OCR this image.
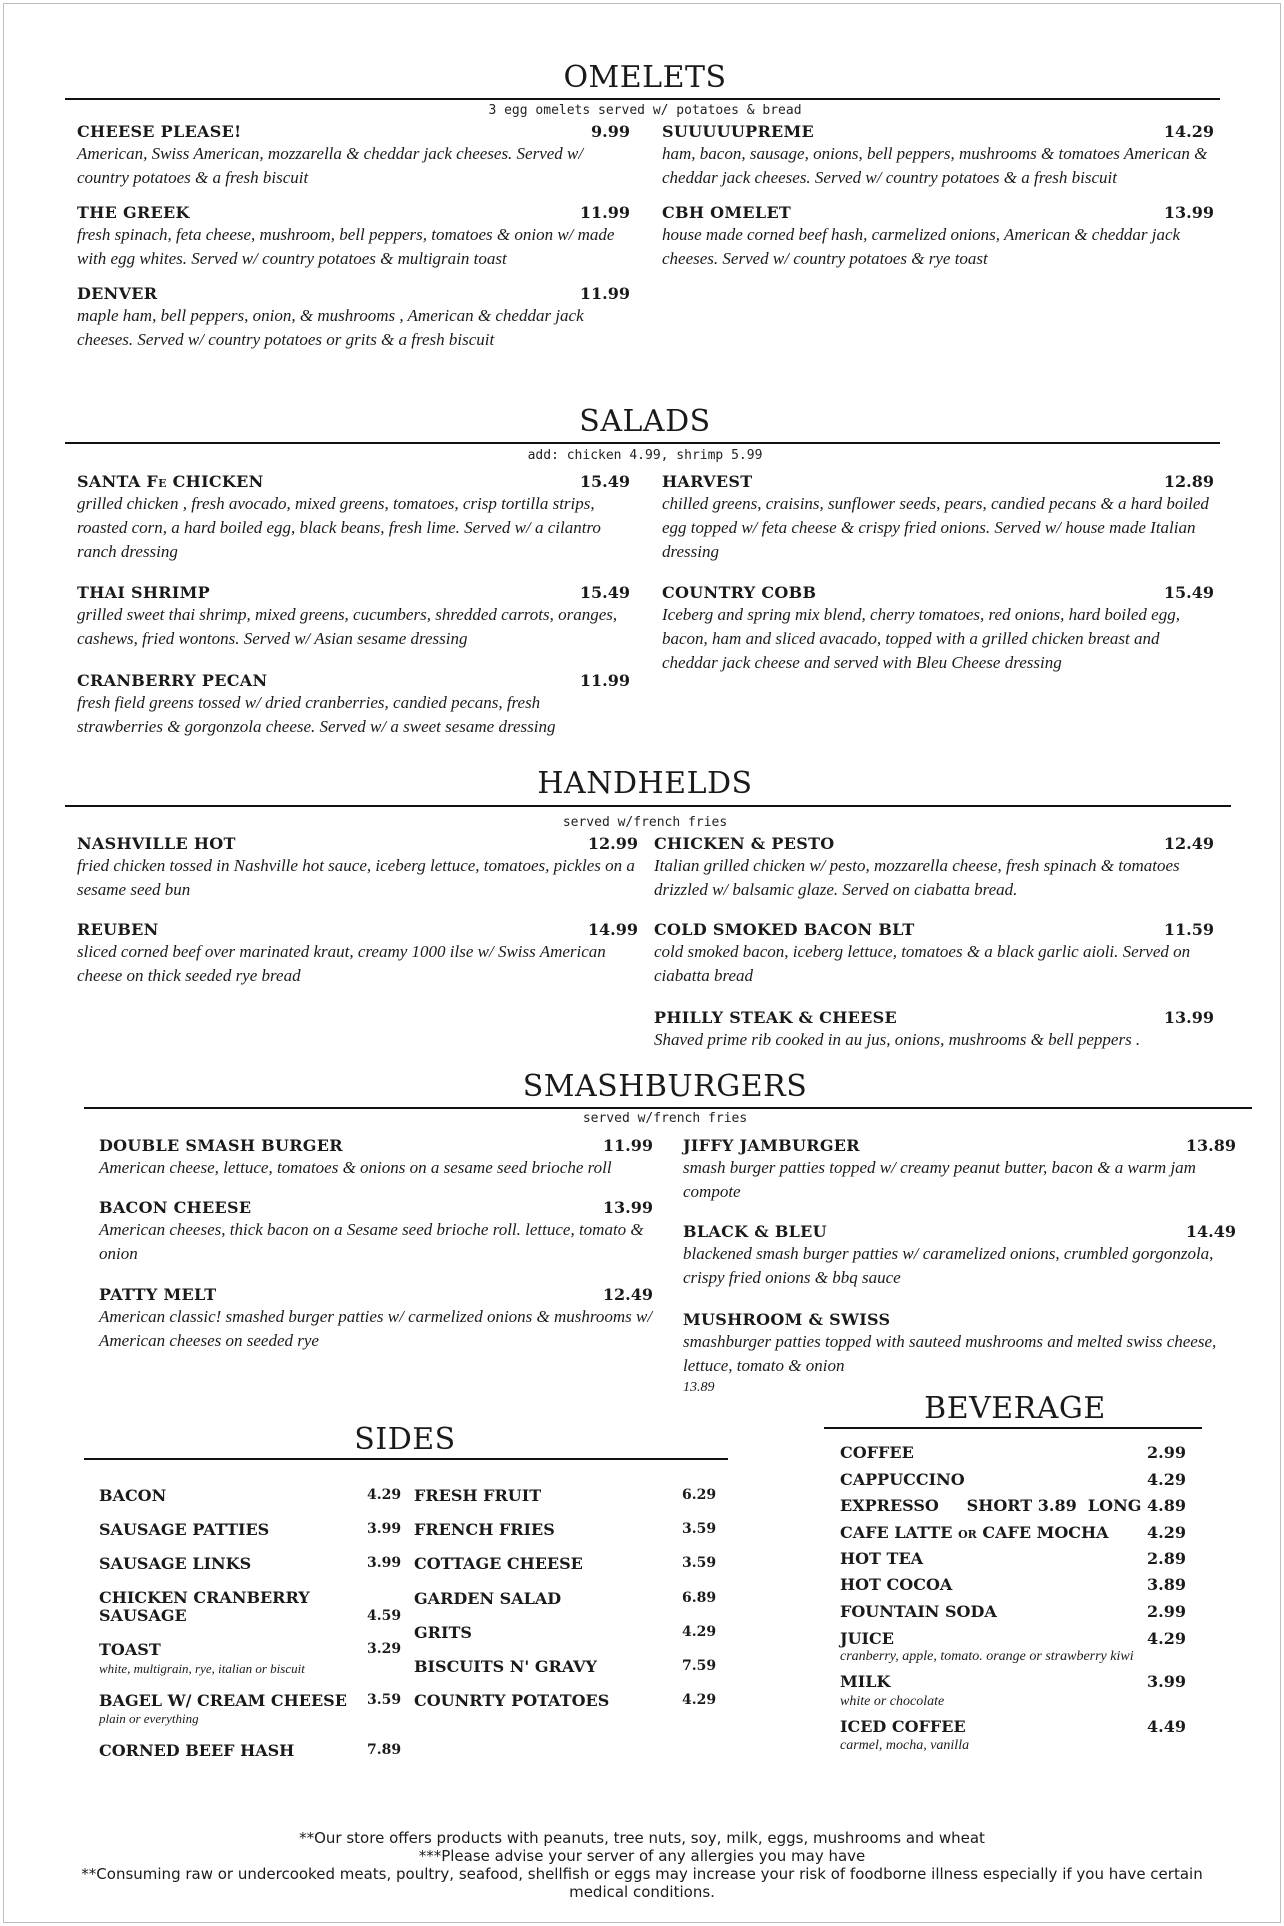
OMELETS
3 egg omelets served w/ potatoes & bread
CHEESE PLEASE!	9.99
American, Swiss American, mozzarella & cheddar jack cheeses. Served w/ country potatoes & a fresh biscuit
THE GREEK	11.99
fresh spinach, feta cheese, mushroom, bell peppers, tomatoes & onion w/ made with egg whites. Served w/ country potatoes & multigrain toast
DENVER	11.99
maple ham, bell peppers, onion, & mushrooms , American & cheddar jack cheeses. Served w/ country potatoes or grits & a fresh biscuit
SUUUUUPREME	14.29
ham, bacon, sausage, onions, bell peppers, mushrooms & tomatoes American & cheddar jack cheeses. Served w/ country potatoes & a fresh biscuit
CBH OMELET	13.99
house made corned beef hash, carmelized onions, American & cheddar jack cheeses. Served w/ country potatoes & rye toast
SALADS
add: chicken 4.99, shrimp 5.99
SANTA Fe CHICKEN	15.49
grilled chicken , fresh avocado, mixed greens, tomatoes, crisp tortilla strips, roasted corn, a hard boiled egg, black beans, fresh lime. Served w/ a cilantro ranch dressing
THAI SHRIMP	15.49
grilled sweet thai shrimp, mixed greens, cucumbers, shredded carrots, oranges, cashews, fried wontons. Served w/ Asian sesame dressing
CRANBERRY PECAN	11.99
fresh field greens tossed w/ dried cranberries, candied pecans, fresh strawberries & gorgonzola cheese. Served w/ a sweet sesame dressing
HARVEST	12.89
chilled greens, craisins, sunflower seeds, pears, candied pecans & a hard boiled egg topped w/ feta cheese & crispy fried onions. Served w/ house made Italian dressing
COUNTRY COBB	15.49
Iceberg and spring mix blend, cherry tomatoes, red onions, hard boiled egg, bacon, ham and sliced avacado, topped with a grilled chicken breast and cheddar jack cheese and served with Bleu Cheese dressing
HANDHELDS
served w/french fries
NASHVILLE HOT	12.99
fried chicken tossed in Nashville hot sauce, iceberg lettuce, tomatoes, pickles on a sesame seed bun
REUBEN	14.99
sliced corned beef over marinated kraut, creamy 1000 ilse w/ Swiss American cheese on thick seeded rye bread
CHICKEN & PESTO	12.49
Italian grilled chicken w/ pesto, mozzarella cheese, fresh spinach & tomatoes drizzled w/ balsamic glaze. Served on ciabatta bread.
COLD SMOKED BACON BLT	11.59
cold smoked bacon, iceberg lettuce, tomatoes & a black garlic aioli. Served on ciabatta bread
PHILLY STEAK & CHEESE	13.99
Shaved prime rib cooked in au jus, onions, mushrooms & bell peppers .
SMASHBURGERS
served w/french fries
DOUBLE SMASH BURGER	11.99
American cheese, lettuce, tomatoes & onions on a sesame seed brioche roll
BACON CHEESE	13.99
American cheeses, thick bacon on a Sesame seed brioche roll. lettuce, tomato & onion
PATTY MELT	12.49
American classic! smashed burger patties w/ carmelized onions & mushrooms w/ American cheeses on seeded rye
JIFFY JAMBURGER	13.89
smash burger patties topped w/ creamy peanut butter, bacon & a warm jam compote
BLACK & BLEU	14.49
blackened smash burger patties w/ caramelized onions, crumbled gorgonzola, crispy fried onions & bbq sauce
MUSHROOM & SWISS
smashburger patties topped with sauteed mushrooms and melted swiss cheese, lettuce, tomato & onion
13.89
SIDES
BACON	4.29
SAUSAGE PATTIES	3.99
SAUSAGE LINKS	3.99
CHICKEN CRANBERRY SAUSAGE	4.59
TOAST	3.29
white, multigrain, rye, italian or biscuit
BAGEL W/ CREAM CHEESE 3.59
plain or everything
CORNED BEEF HASH	7.89
FRESH FRUIT	6.29
FRENCH FRIES	3.59
COTTAGE CHEESE	3.59
GARDEN SALAD	6.89
GRITS	4.29
BISCUITS N' GRAVY	7.59
COUNRTY POTATOES	4.29
BEVERAGE
COFFEE	2.99
CAPPUCCINO	4.29
EXPRESSO     SHORT 3.89  LONG 4.89
CAFE LATTE or CAFE MOCHA 4.29
HOT TEA	2.89
HOT COCOA	3.89
FOUNTAIN SODA	2.99
JUICE	4.29
cranberry, apple, tomato. orange or strawberry kiwi
MILK	3.99
white or chocolate
ICED COFFEE	4.49
carmel, mocha, vanilla
**Our store offers products with peanuts, tree nuts, soy, milk, eggs, mushrooms and wheat
***Please advise your server of any allergies you may have
**Consuming raw or undercooked meats, poultry, seafood, shellfish or eggs may increase your risk of foodborne illness especially if you have certain medical conditions.
